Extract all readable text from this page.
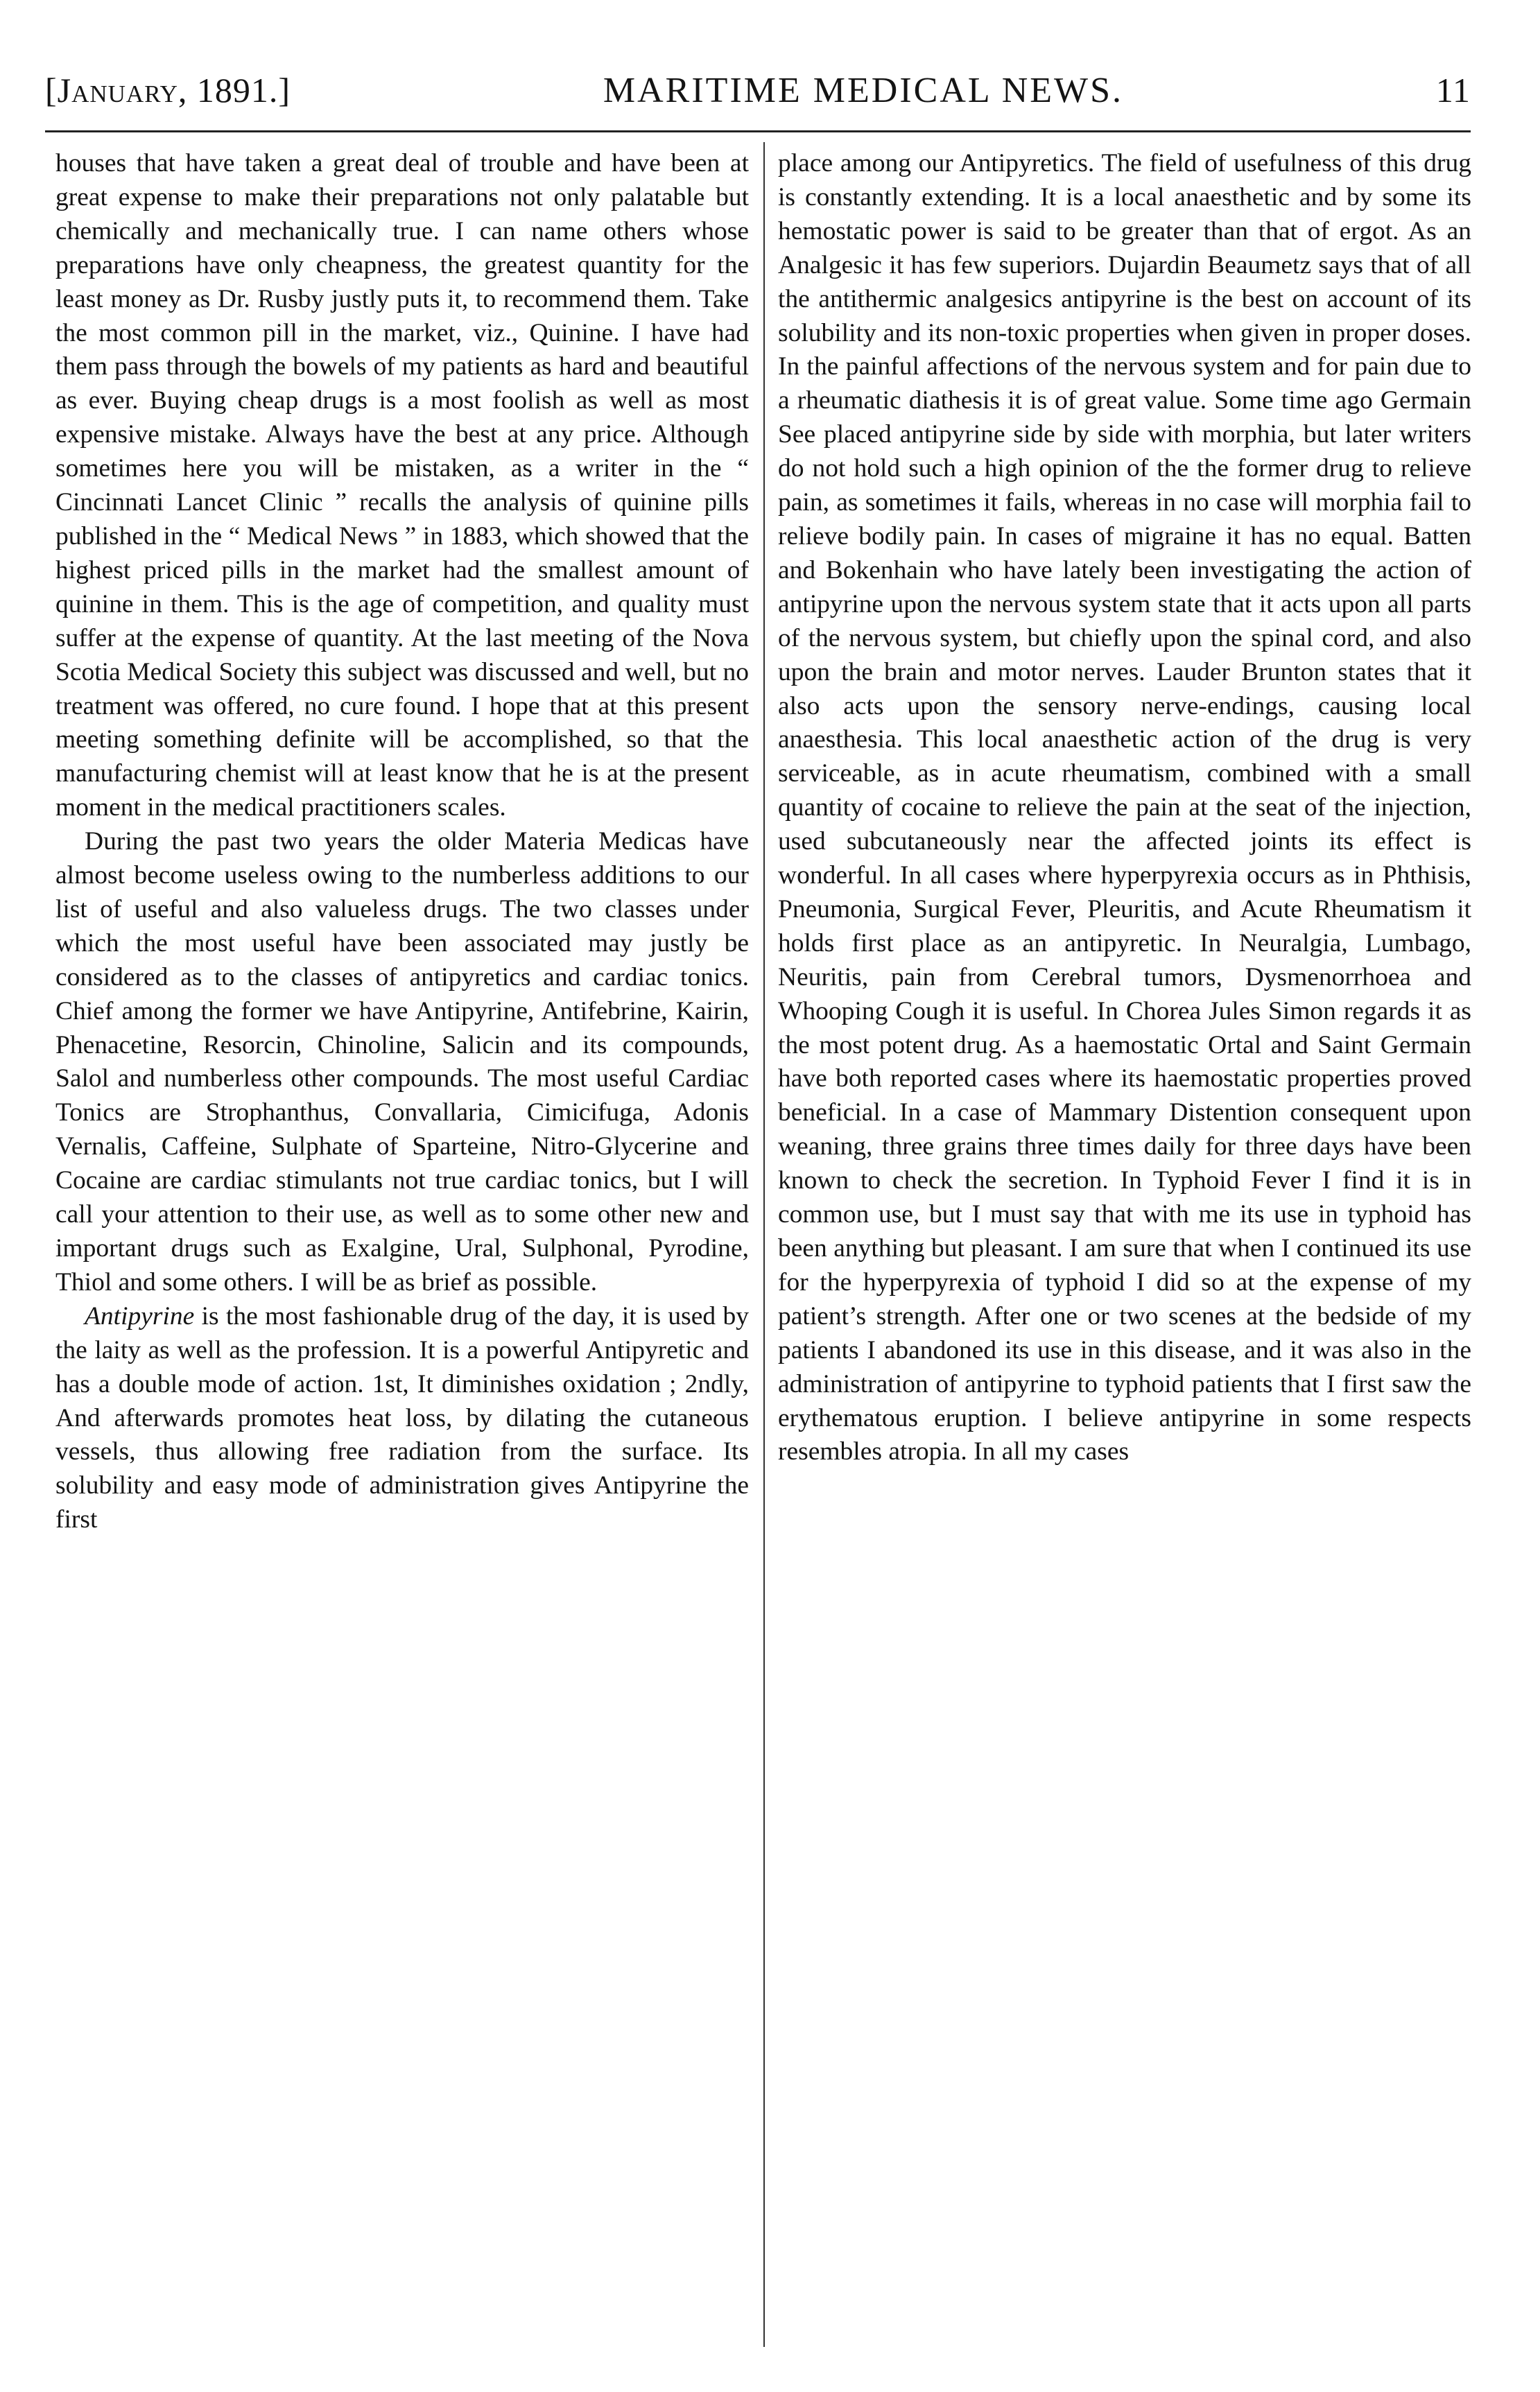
[January, 1891.]	MARITIME MEDICAL NEWS.	11

houses that have taken a great deal of trouble and have been at great expense to make their preparations not only palatable but chemically and mechanically true. I can name others whose preparations have only cheapness, the greatest quantity for the least money as Dr. Rusby justly puts it, to recommend them. Take the most common pill in the market, viz., Quinine. I have had them pass through the bowels of my patients as hard and beautiful as ever. Buying cheap drugs is a most foolish as well as most expensive mistake. Always have the best at any price. Although sometimes here you will be mistaken, as a writer in the “ Cincinnati Lancet Clinic ” recalls the analysis of quinine pills published in the “ Medical News ” in 1883, which showed that the highest priced pills in the market had the smallest amount of quinine in them. This is the age of competition, and quality must suffer at the expense of quantity. At the last meeting of the Nova Scotia Medical Society this subject was discussed and well, but no treatment was offered, no cure found. I hope that at this present meeting something definite will be accomplished, so that the manufacturing chemist will at least know that he is at the present moment in the medical practitioners scales.

During the past two years the older Materia Medicas have almost become useless owing to the numberless additions to our list of useful and also valueless drugs. The two classes under which the most useful have been associated may justly be considered as to the classes of antipyretics and cardiac tonics. Chief among the former we have Antipyrine, Antifebrine, Kairin, Phenacetine, Resorcin, Chinoline, Salicin and its compounds, Salol and numberless other compounds. The most useful Cardiac Tonics are Strophanthus, Convallaria, Cimicifuga, Adonis Vernalis, Caffeine, Sulphate of Sparteine, Nitro-Glycerine and Cocaine are cardiac stimulants not true cardiac tonics, but I will call your attention to their use, as well as to some other new and important drugs such as Exalgine, Ural, Sulphonal, Pyrodine, Thiol and some others. I will be as brief as possible.

Antipyrine is the most fashionable drug of the day, it is used by the laity as well as the profession. It is a powerful Antipyretic and has a double mode of action. 1st, It diminishes oxidation ; 2ndly, And afterwards promotes heat loss, by dilating the cutaneous vessels, thus allowing free radiation from the surface. Its solubility and easy mode of administration gives Antipyrine the first

place among our Antipyretics. The field of usefulness of this drug is constantly extending. It is a local anaesthetic and by some its hemostatic power is said to be greater than that of ergot. As an Analgesic it has few superiors. Dujardin Beaumetz says that of all the antithermic analgesics antipyrine is the best on account of its solubility and its non-toxic properties when given in proper doses. In the painful affections of the nervous system and for pain due to a rheumatic diathesis it is of great value. Some time ago Germain See placed antipyrine side by side with morphia, but later writers do not hold such a high opinion of the the former drug to relieve pain, as sometimes it fails, whereas in no case will morphia fail to relieve bodily pain. In cases of migraine it has no equal. Batten and Bokenhain who have lately been investigating the action of antipyrine upon the nervous system state that it acts upon all parts of the nervous system, but chiefly upon the spinal cord, and also upon the brain and motor nerves. Lauder Brunton states that it also acts upon the sensory nerve-endings, causing local anaesthesia. This local anaesthetic action of the drug is very serviceable, as in acute rheumatism, combined with a small quantity of cocaine to relieve the pain at the seat of the injection, used subcutaneously near the affected joints its effect is wonderful. In all cases where hyperpyrexia occurs as in Phthisis, Pneumonia, Surgical Fever, Pleuritis, and Acute Rheumatism it holds first place as an antipyretic. In Neuralgia, Lumbago, Neuritis, pain from Cerebral tumors, Dysmenorrhoea and Whooping Cough it is useful. In Chorea Jules Simon regards it as the most potent drug. As a haemostatic Ortal and Saint Germain have both reported cases where its haemostatic properties proved beneficial. In a case of Mammary Distention consequent upon weaning, three grains three times daily for three days have been known to check the secretion. In Typhoid Fever I find it is in common use, but I must say that with me its use in typhoid has been anything but pleasant. I am sure that when I continued its use for the hyperpyrexia of typhoid I did so at the expense of my patient’s strength. After one or two scenes at the bedside of my patients I abandoned its use in this disease, and it was also in the administration of antipyrine to typhoid patients that I first saw the erythematous eruption. I believe antipyrine in some respects resembles atropia. In all my cases
